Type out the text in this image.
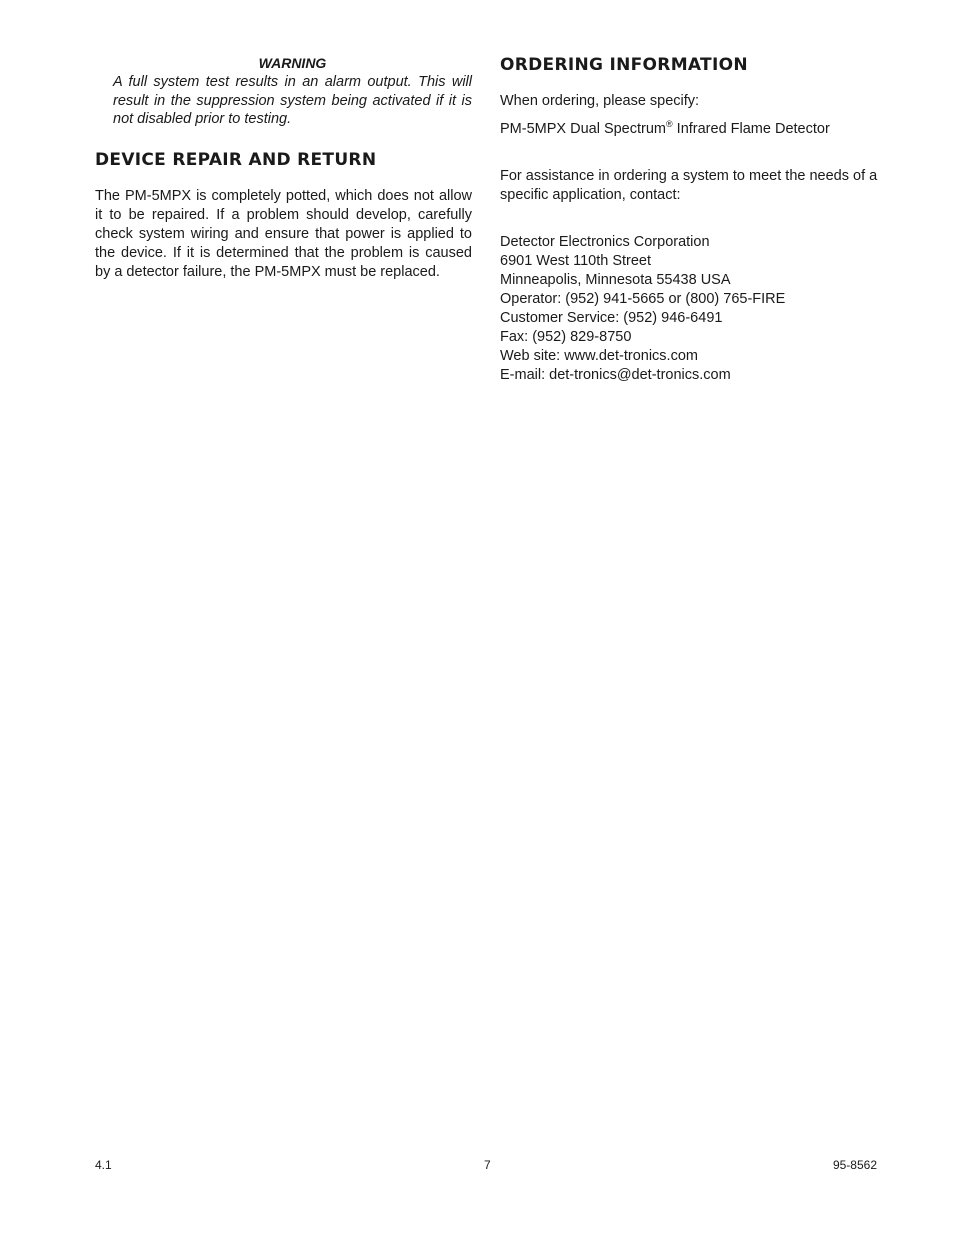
WARNING

A full system test results in an alarm output. This will result in the suppression system being activated if it is not disabled prior to testing.

DEVICE REPAIR AND RETURN

The PM-5MPX is completely potted, which does not allow it to be repaired. If a problem should develop, carefully check system wiring and ensure that power is applied to the device. If it is determined that the problem is caused by a detector failure, the PM-5MPX must be replaced.

ORDERING INFORMATION

When ordering, please specify:

PM-5MPX Dual Spectrum® Infrared Flame Detector

For assistance in ordering a system to meet the needs of a specific application, contact:

Detector Electronics Corporation
6901 West 110th Street
Minneapolis, Minnesota 55438 USA
Operator: (952) 941-5665 or (800) 765-FIRE
Customer Service: (952) 946-6491
Fax: (952) 829-8750
Web site: www.det-tronics.com
E-mail: det-tronics@det-tronics.com
4.1	7	95-8562
